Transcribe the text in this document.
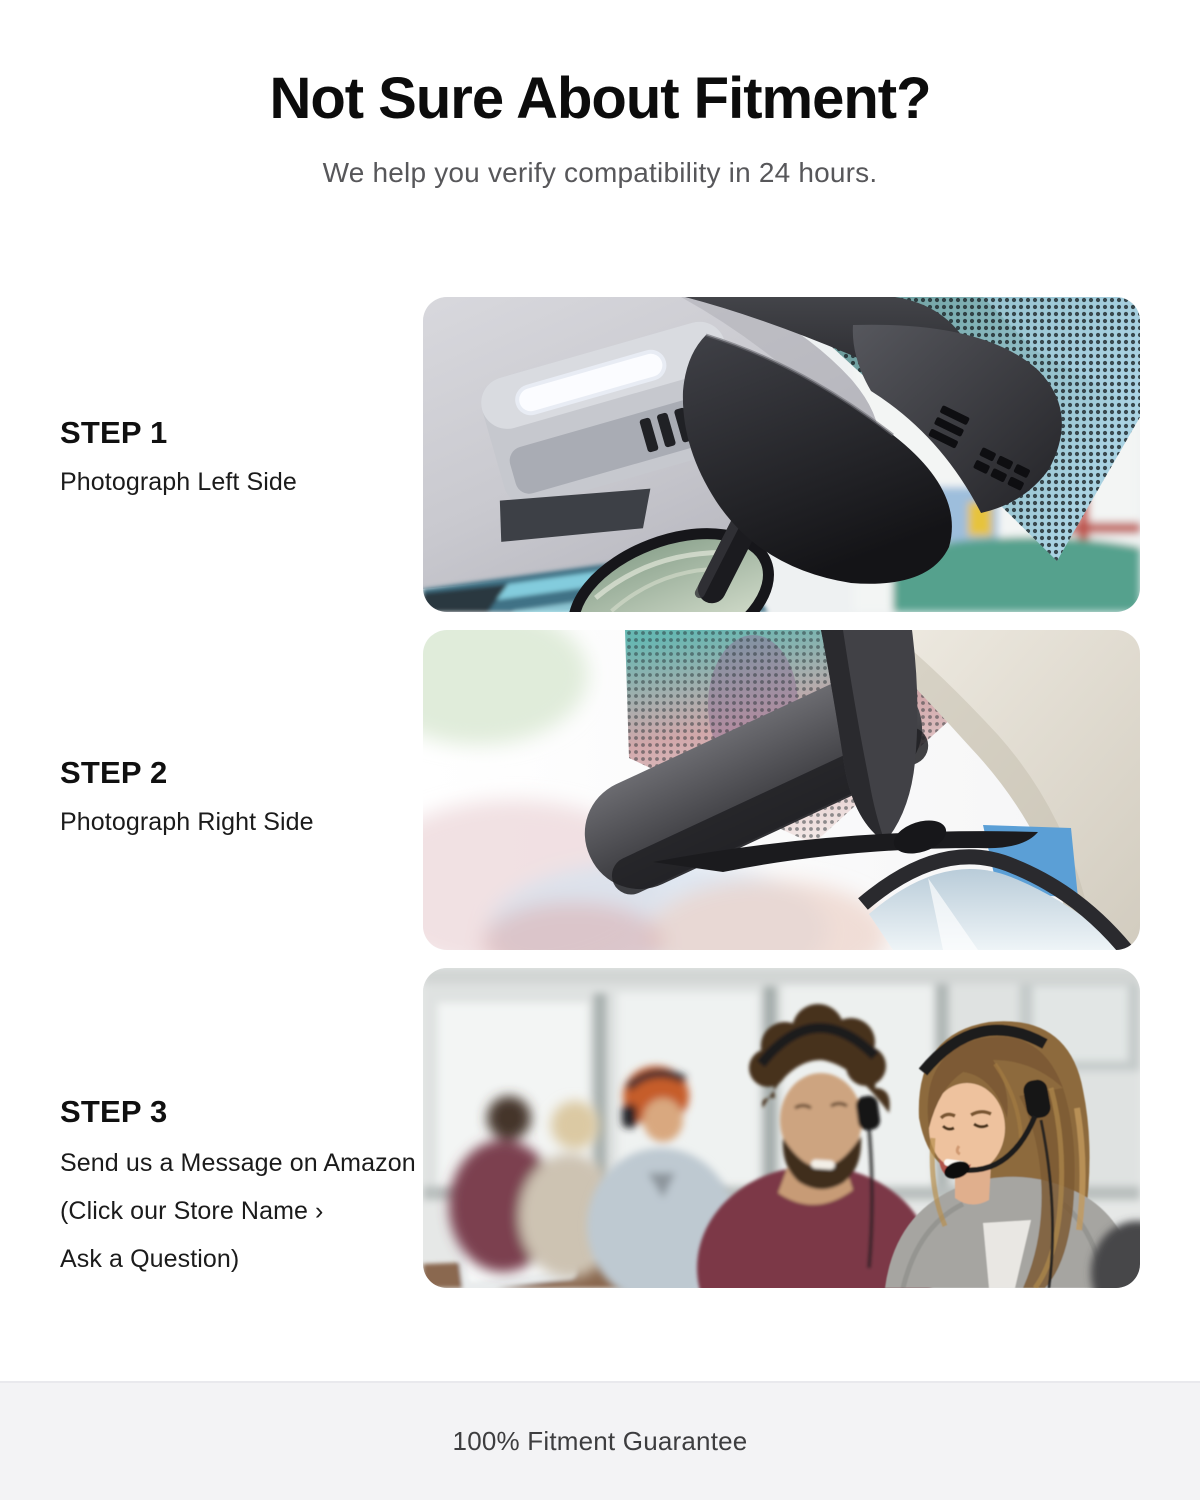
Not Sure About Fitment?

We help you verify compatibility in 24 hours.

STEP 1

Photograph Left Side

STEP 2

Photograph Right Side

STEP 3

Send us a Message on Amazon

(Click our Store Name ›

Ask a Question)

100% Fitment Guarantee
